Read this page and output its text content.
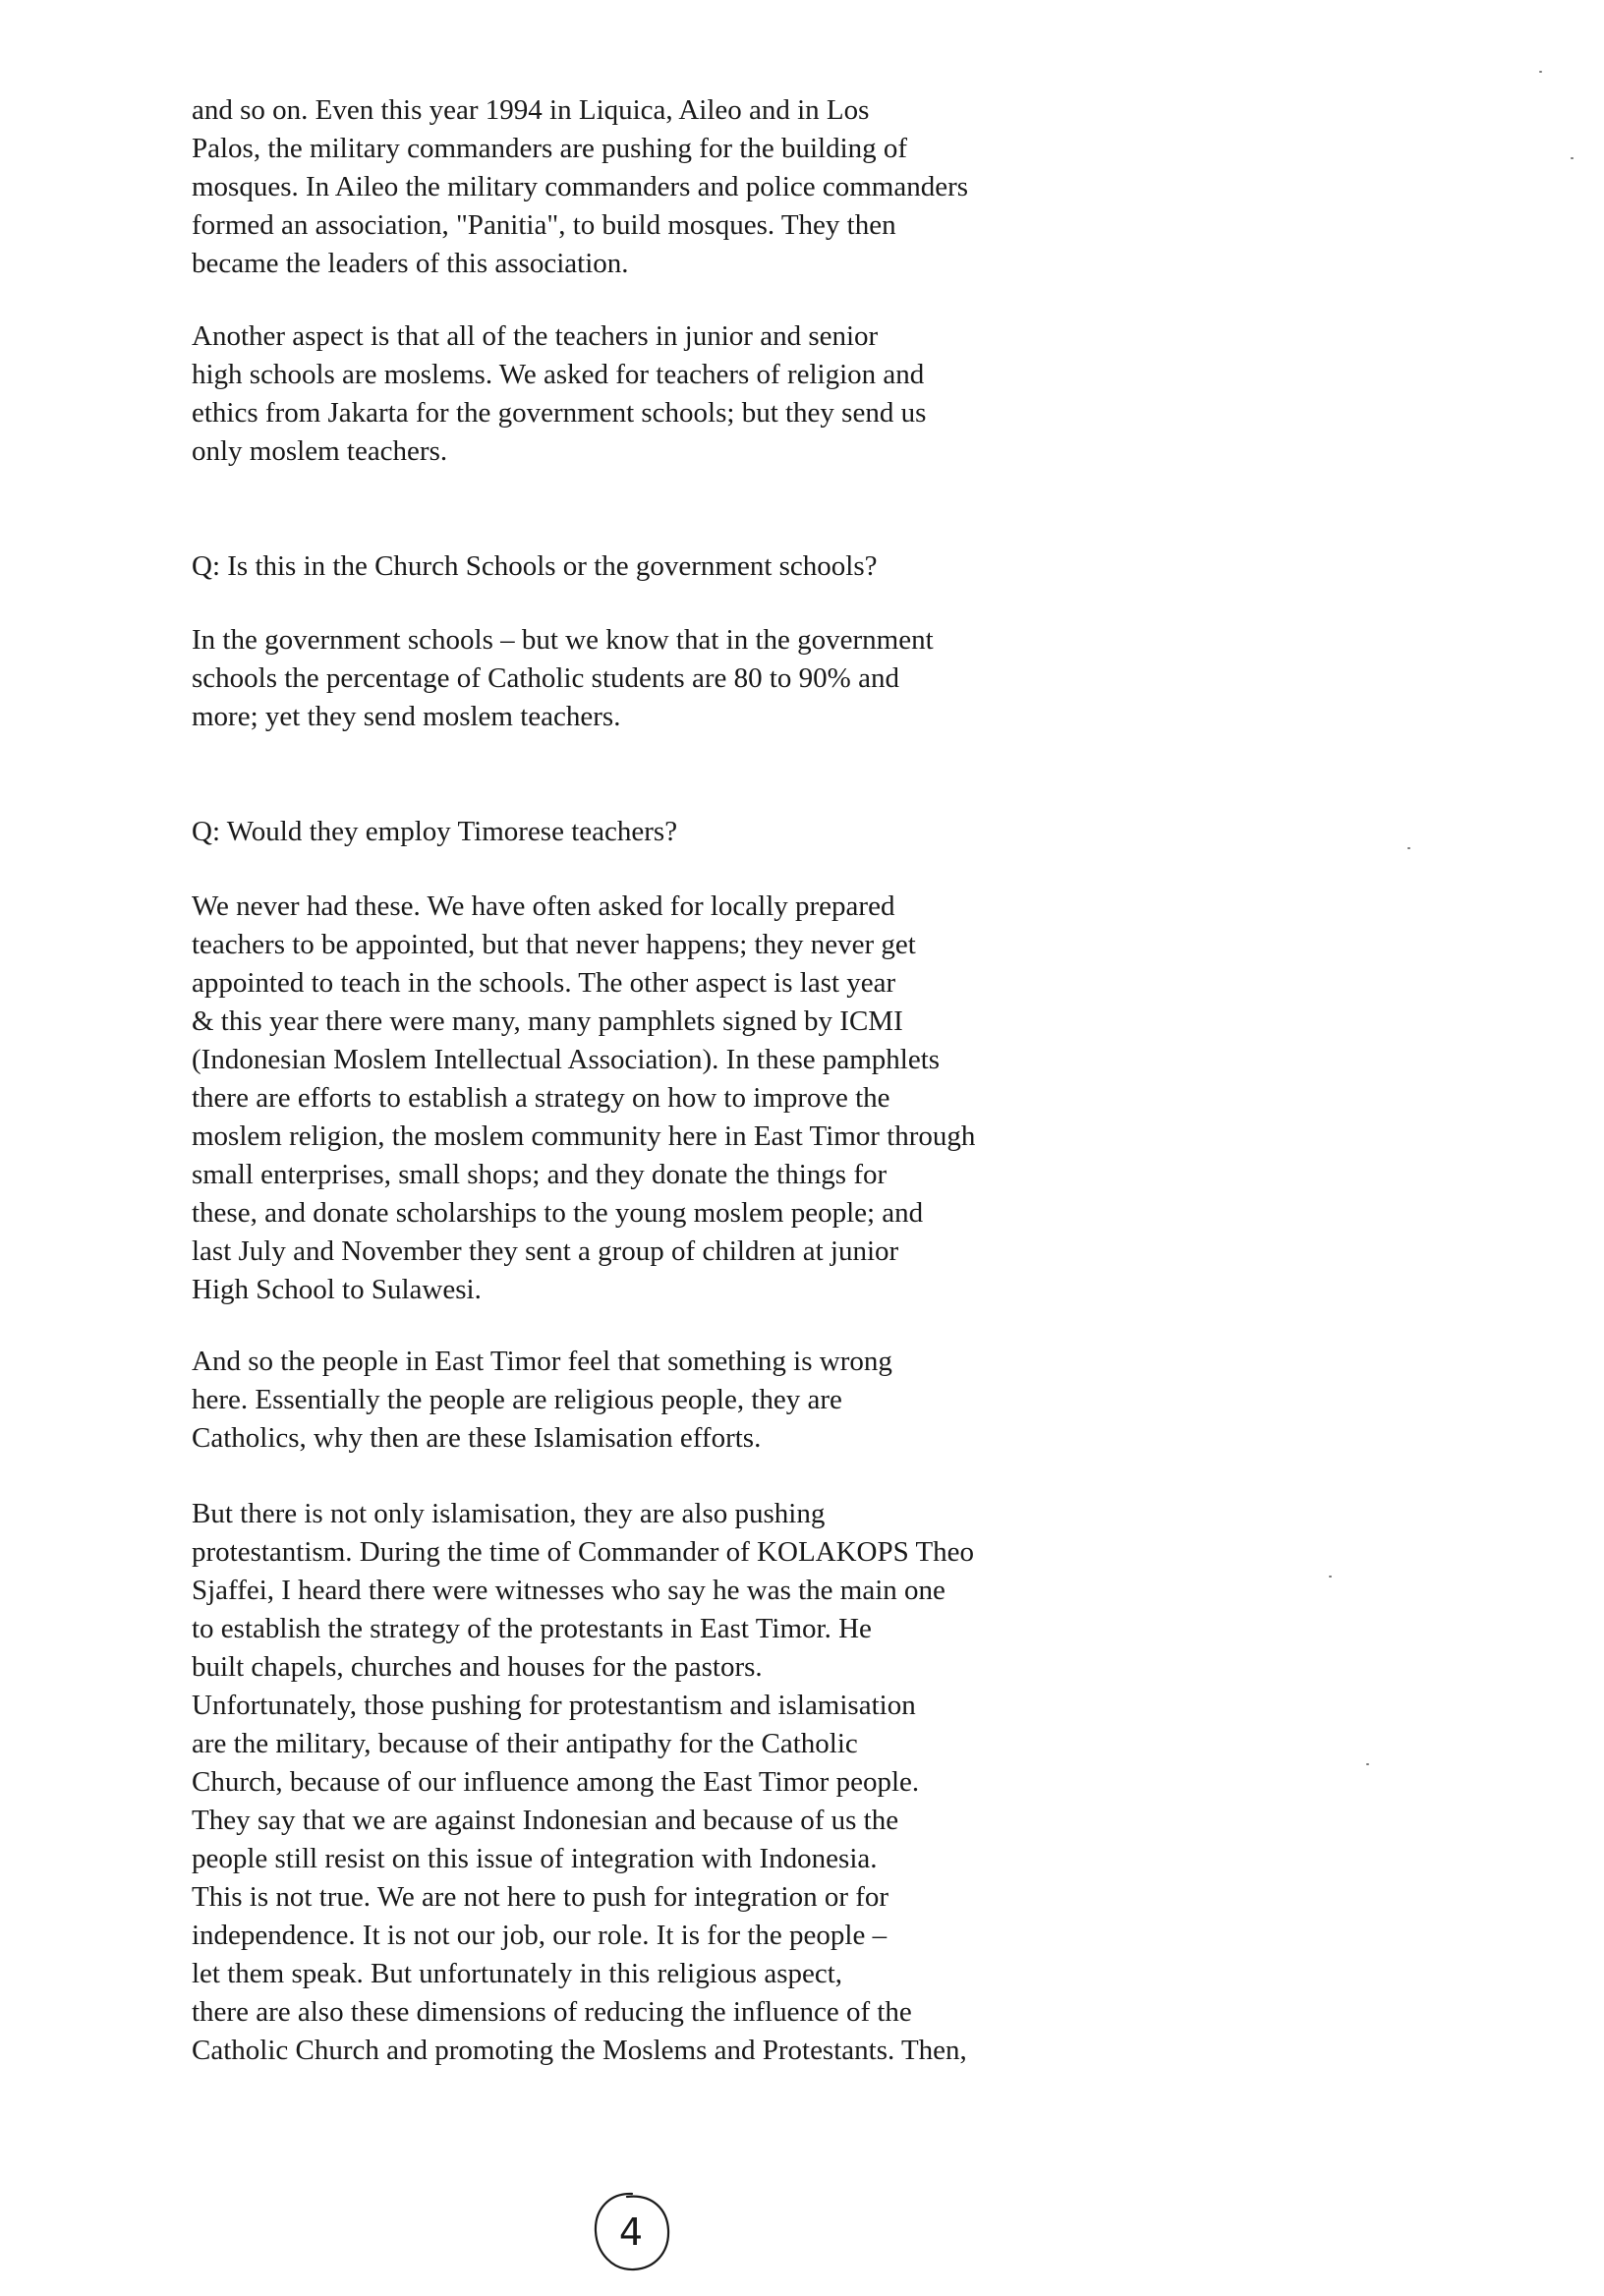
and so on. Even this year 1994 in Liquica, Aileo and in Los
Palos, the military commanders are pushing for the building of
mosques. In Aileo the military commanders and police commanders
formed an association, "Panitia", to build mosques. They then
became the leaders of this association.
Another aspect is that all of the teachers in junior and senior
high schools are moslems. We asked for teachers of religion and
ethics from Jakarta for the government schools; but they send us
only moslem teachers.
Q: Is this in the Church Schools or the government schools?
In the government schools – but we know that in the government
schools the percentage of Catholic students are 80 to 90% and
more; yet they send moslem teachers.
Q: Would they employ Timorese teachers?
We never had these. We have often asked for locally prepared
teachers to be appointed, but that never happens; they never get
appointed to teach in the schools. The other aspect is last year
& this year there were many, many pamphlets signed by ICMI
(Indonesian Moslem Intellectual Association). In these pamphlets
there are efforts to establish a strategy on how to improve the
moslem religion, the moslem community here in East Timor through
small enterprises, small shops; and they donate the things for
these, and donate scholarships to the young moslem people; and
last July and November they sent a group of children at junior
High School to Sulawesi.
And so the people in East Timor feel that something is wrong
here. Essentially the people are religious people, they are
Catholics, why then are these Islamisation efforts.
But there is not only islamisation, they are also pushing
protestantism. During the time of Commander of KOLAKOPS Theo
Sjaffei, I heard there were witnesses who say he was the main one
to establish the strategy of the protestants in East Timor. He
built chapels, churches and houses for the pastors.
Unfortunately, those pushing for protestantism and islamisation
are the military, because of their antipathy for the Catholic
Church, because of our influence among the East Timor people.
They say that we are against Indonesian and because of us the
people still resist on this issue of integration with Indonesia.
This is not true. We are not here to push for integration or for
independence. It is not our job, our role. It is for the people –
let them speak. But unfortunately in this religious aspect,
there are also these dimensions of reducing the influence of the
Catholic Church and promoting the Moslems and Protestants. Then,
4
